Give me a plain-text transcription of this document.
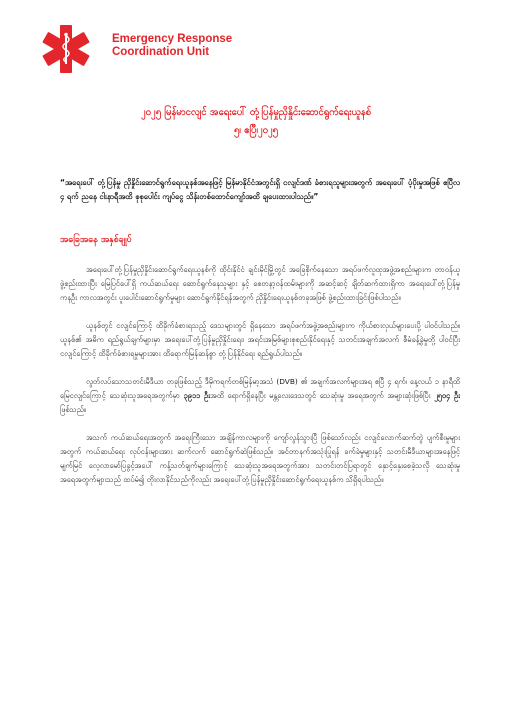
Emergency Response
Coordination Unit
၂၀၂၅ မြန်မာငလျင် အရေးပေါ် တုံ့ပြန်မှုညှိနှိုင်းဆောင်ရွက်ရေးယူနစ်
၅၊ ဧပြီ၊၂၀၂၅
“အရေးပေါ် တုံ့ပြန်မှု ညှိနှိုင်းဆောင်ရွက်ရေးယူနစ်အနေဖြင့် မြန်မာနိုင်ငံအတွင်းရှိ ငလျင်ဒဏ် ခံစားရသူများအတွက် အရေးပေါ် ပံ့ပိုးမှုအဖြစ် ဧပြီလ ၄ ရက် ညနေ ငါးနာရီအထိ စုစုပေါင်း ကျပ်ငွေ သိန်းတစ်ထောင်ကျော်အထိ ချပေးထားပါသည်။”
အခြေအနေ အနှစ်ချုပ်

အရေးပေါ်တုံ့ပြန်မှုညှိနှိုင်းဆောင်ရွက်ရေးယူနစ်ကို ထိုင်းနိုင်ငံ ချင်းမိုင်မြို့တွင် အခြေစိုက်နေသော အရပ်ဖက်လူထုအဖွဲ့အစည်းများက တာဝန်ယူဖွဲ့စည်းထားပြီး မြေပြင်ပေါ်ရှိ ကယ်ဆယ်ရေး ဆောင်ရွက်နေသူများ နှင့် စေတနာ့ဝန်ထမ်းများကို အဆင့်ဆင့် ချိတ်ဆက်ထားရှိကာ အရေးပေါ်တုံ့ပြန်မှု ကနဦး ကာလအတွင်း ပူးပေါင်းဆောင်ရွက်မှုများ ဆောင်ရွက်နိုင်ရန်အတွက် ညှိနှိုင်းရေးယူနစ်တခုအဖြစ် ဖွဲ့စည်းထားခြင်းဖြစ်ပါသည်။

ယူနစ်တွင် ငလျင်ကြောင့် ထိခိုက်ခံစားရသည့် ဒေသများတွင် ရှိနေသော အရပ်ဖက်အဖွဲ့အစည်းများက ကိုယ်စားလှယ်များပေးပို့ ပါဝင်ပါသည်။ ယူနစ်၏ အဓိက ရည်ရွယ်ချက်များမှာ အရေးပေါ်တုံ့ပြန်မှုညှိနှိုင်းရေး၊ အရင်းအမြစ်များစုစည်းနိုင်ရေးနှင့် သတင်းအချက်အလက် စီမံခန့်ခွဲမှုတို့ ပါဝင်ပြီး ငလျင်ကြောင့် ထိခိုက်ခံစားရမှုများအား ထိရောက်မြန်ဆန်စွာ တုံ့ပြန်နိုင်ရေး ရည်ရွယ်ပါသည်။

လွတ်လပ်သောသတင်းမီဒီယာ တခုဖြစ်သည့် ဒီမိုကရက်တစ်မြန်မာ့အသံ (DVB) ၏ အချက်အလက်များအရ ဧပြီ ၄ ရက်၊ နေ့လယ် ၁ နာရီထိ မြေငလျင်ကြောင့် သေဆုံးသူအရေအတွက်မှာ ၃၉၁၁ ဦးအထိ ရောက်ရှိနေပြီး မန္တလေးဒေသတွင် သေဆုံးမှု အရေအတွက် အများဆုံးဖြစ်ပြီး ၂၅၀၄ ဦး ဖြစ်သည်။

အသက် ကယ်ဆယ်ရေးအတွက် အရေးကြီးသော အချိန်ကာလများကို ကျော်လွန်သွားပြီ ဖြစ်သော်လည်း ငလျင်လောက်ဆက်တွဲ ပျက်စီးမှုများအတွက် ကယ်ဆယ်ရေး လုပ်ငန်းများအား ဆက်လက် ဆောင်ရွက်ဆဲဖြစ်သည်။ အင်တာနက်အသုံးပြုရန် ခက်ခဲမှုများနှင့် သတင်းမီဒီယာများအနေဖြင့် မျက်မြင် လေ့လာမော်ပြခွင့်အပေါ် ကန့်သတ်ချက်များကြောင့် သေဆုံးသူအရေအတွက်အား သတင်းတင်ပြရာတွင် နှောင့်နှေးစေခဲ့သလို သေဆုံးမှုအရေအတွက်များသည် ထပ်မံ၍ တိုးလာနိုင်သည်ကိုလည်း အရေးပေါ်တုံ့ပြန်မှုညှိနှိုင်းဆောင်ရွက်ရေးယူနစ်က သိရှိရပါသည်။
